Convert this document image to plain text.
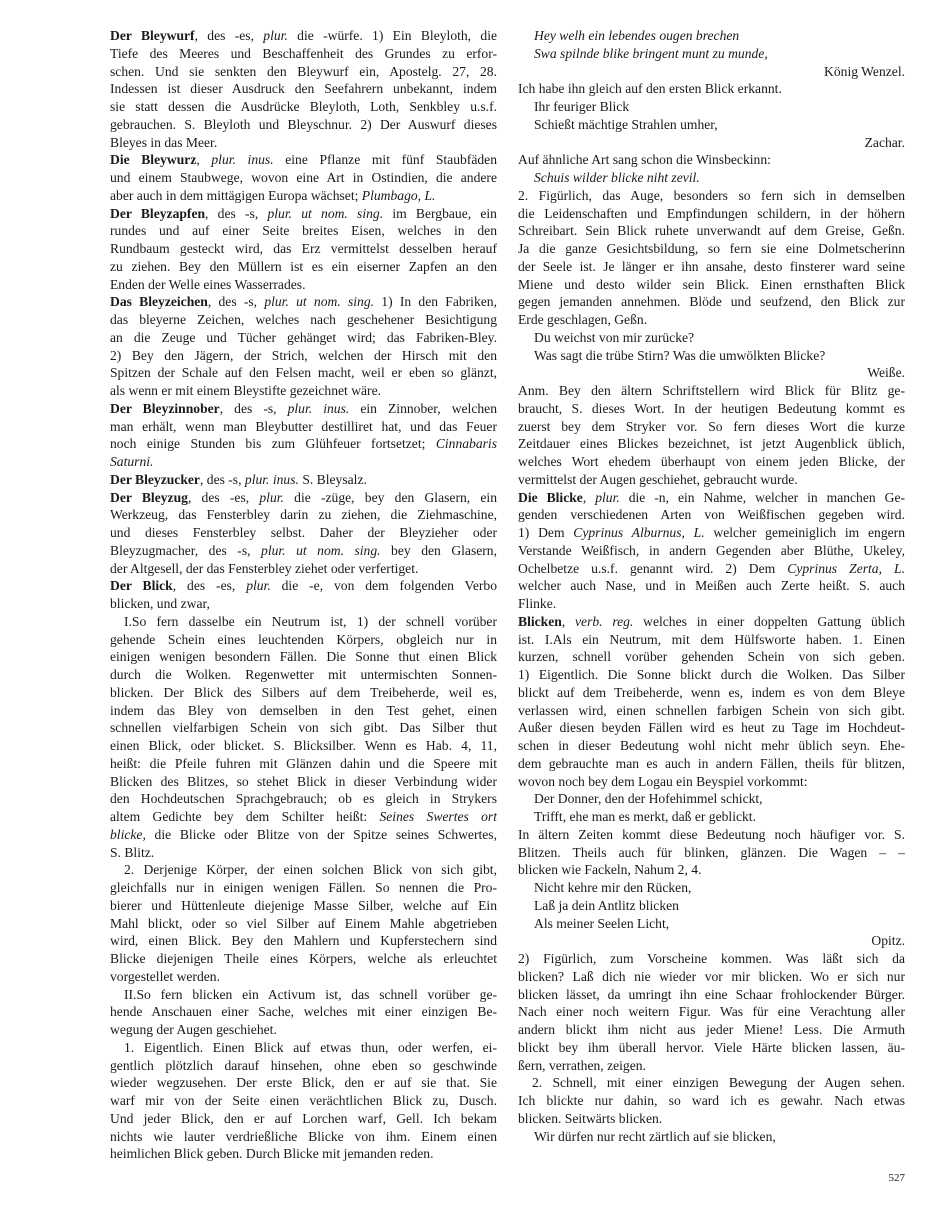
Der Bleywurf, des -es, plur. die -würfe. 1) Ein Bleyloth, die
Tiefe des Meeres und Beschaffenheit des Grundes zu erfor-
schen. Und sie senkten den Bleywurf ein, Apostelg. 27, 28.
Indessen ist dieser Ausdruck den Seefahrern unbekannt, indem
sie statt dessen die Ausdrücke Bleyloth, Loth, Senkbley u.s.f.
gebrauchen. S. Bleyloth und Bleyschnur. 2) Der Auswurf dieses
Bleyes in das Meer.
Die Bleywurz, plur. inus. eine Pflanze mit fünf Staubfäden
und einem Staubwege, wovon eine Art in Ostindien, die andere
aber auch in dem mittägigen Europa wächset; Plumbago, L.
Der Bleyzapfen, des -s, plur. ut nom. sing. im Bergbaue, ein
rundes und auf einer Seite breites Eisen, welches in den
Rundbaum gesteckt wird, das Erz vermittelst desselben herauf
zu ziehen. Bey den Müllern ist es ein eiserner Zapfen an den
Enden der Welle eines Wasserrades.
Das Bleyzeichen, des -s, plur. ut nom. sing. 1) In den Fabriken,
das bleyerne Zeichen, welches nach geschehener Besichtigung
an die Zeuge und Tücher gehänget wird; das Fabriken-Bley.
2) Bey den Jägern, der Strich, welchen der Hirsch mit den
Spitzen der Schale auf den Felsen macht, weil er eben so glänzt,
als wenn er mit einem Bleystifte gezeichnet wäre.
Der Bleyzinnober, des -s, plur. inus. ein Zinnober, welchen
man erhält, wenn man Bleybutter destilliret hat, und das Feuer
noch einige Stunden bis zum Glühfeuer fortsetzet; Cinnabaris
Saturni.
Der Bleyzucker, des -s, plur. inus. S. Bleysalz.
Der Bleyzug, des -es, plur. die -züge, bey den Glasern, ein
Werkzeug, das Fensterbley darin zu ziehen, die Ziehmaschine,
und dieses Fensterbley selbst. Daher der Bleyzieher oder
Bleyzugmacher, des -s, plur. ut nom. sing. bey den Glasern,
der Altgesell, der das Fensterbley ziehet oder verfertiget.
Der Blick, des -es, plur. die -e, von dem folgenden Verbo
blicken, und zwar,
I.So fern dasselbe ein Neutrum ist, 1) der schnell vorüber
gehende Schein eines leuchtenden Körpers, obgleich nur in
einigen wenigen besondern Fällen. Die Sonne thut einen Blick
durch die Wolken. Regenwetter mit untermischten Sonnen-
blicken. Der Blick des Silbers auf dem Treibeherde, weil es,
indem das Bley von demselben in den Test gehet, einen
schnellen vielfarbigen Schein von sich gibt. Das Silber thut
einen Blick, oder blicket. S. Blicksilber. Wenn es Hab. 4, 11,
heißt: die Pfeile fuhren mit Glänzen dahin und die Speere mit
Blicken des Blitzes, so stehet Blick in dieser Verbindung wider
den Hochdeutschen Sprachgebrauch; ob es gleich in Strykers
altem Gedichte bey dem Schilter heißt: Seines Swertes ort
blicke, die Blicke oder Blitze von der Spitze seines Schwertes,
S. Blitz.
2. Derjenige Körper, der einen solchen Blick von sich gibt,
gleichfalls nur in einigen wenigen Fällen. So nennen die Pro-
bierer und Hüttenleute diejenige Masse Silber, welche auf Ein
Mahl blickt, oder so viel Silber auf Einem Mahle abgetrieben
wird, einen Blick. Bey den Mahlern und Kupferstechern sind
Blicke diejenigen Theile eines Körpers, welche als erleuchtet
vorgestellet werden.
II.So fern blicken ein Activum ist, das schnell vorüber ge-
hende Anschauen einer Sache, welches mit einer einzigen Be-
wegung der Augen geschiehet.
1. Eigentlich. Einen Blick auf etwas thun, oder werfen, ei-
gentlich plötzlich darauf hinsehen, ohne eben so geschwinde
wieder wegzusehen. Der erste Blick, den er auf sie that. Sie
warf mir von der Seite einen verächtlichen Blick zu, Dusch.
Und jeder Blick, den er auf Lorchen warf, Gell. Ich bekam
nichts wie lauter verdrießliche Blicke von ihm. Einem einen
heimlichen Blick geben. Durch Blicke mit jemanden reden.
Hey welh ein lebendes ougen brechen
Swa spilnde blike bringent munt zu munde,
König Wenzel.
Ich habe ihn gleich auf den ersten Blick erkannt.
Ihr feuriger Blick
Schießt mächtige Strahlen umher,
Zachar.
Auf ähnliche Art sang schon die Winsbeckinn:
Schuis wilder blicke niht zevil.
2. Figürlich, das Auge, besonders so fern sich in demselben
die Leidenschaften und Empfindungen schildern, in der höhern
Schreibart. Sein Blick ruhete unverwandt auf dem Greise, Geßn.
Ja die ganze Gesichtsbildung, so fern sie eine Dolmetscherinn
der Seele ist. Je länger er ihn ansahe, desto finsterer ward seine
Miene und desto wilder sein Blick. Einen ernsthaften Blick
gegen jemanden annehmen. Blöde und seufzend, den Blick zur
Erde geschlagen, Geßn.
Du weichst von mir zurücke?
Was sagt die trübe Stirn? Was die umwölkten Blicke?
Weiße.
Anm. Bey den ältern Schriftstellern wird Blick für Blitz ge-
braucht, S. dieses Wort. In der heutigen Bedeutung kommt es
zuerst bey dem Stryker vor. So fern dieses Wort die kurze
Zeitdauer eines Blickes bezeichnet, ist jetzt Augenblick üblich,
welches Wort ehedem überhaupt von einem jeden Blicke, der
vermittelst der Augen geschiehet, gebraucht wurde.
Die Blicke, plur. die -n, ein Nahme, welcher in manchen Ge-
genden verschiedenen Arten von Weißfischen gegeben wird.
1) Dem Cyprinus Alburnus, L. welcher gemeiniglich im engern
Verstande Weißfisch, in andern Gegenden aber Blüthe, Ukeley,
Ochelbetze u.s.f. genannt wird. 2) Dem Cyprinus Zerta, L.
welcher auch Nase, und in Meißen auch Zerte heißt. S. auch
Flinke.
Blicken, verb. reg. welches in einer doppelten Gattung üblich
ist. I.Als ein Neutrum, mit dem Hülfsworte haben. 1. Einen
kurzen, schnell vorüber gehenden Schein von sich geben.
1) Eigentlich. Die Sonne blickt durch die Wolken. Das Silber
blickt auf dem Treibeherde, wenn es, indem es von dem Bleye
verlassen wird, einen schnellen farbigen Schein von sich gibt.
Außer diesen beyden Fällen wird es heut zu Tage im Hochdeut-
schen in dieser Bedeutung wohl nicht mehr üblich seyn. Ehe-
dem gebrauchte man es auch in andern Fällen, theils für blitzen,
wovon noch bey dem Logau ein Beyspiel vorkommt:
Der Donner, den der Hofehimmel schickt,
Trifft, ehe man es merkt, daß er geblickt.
In ältern Zeiten kommt diese Bedeutung noch häufiger vor. S.
Blitzen. Theils auch für blinken, glänzen. Die Wagen – –
blicken wie Fackeln, Nahum 2, 4.
Nicht kehre mir den Rücken,
Laß ja dein Antlitz blicken
Als meiner Seelen Licht,
Opitz.
2) Figürlich, zum Vorscheine kommen. Was läßt sich da
blicken? Laß dich nie wieder vor mir blicken. Wo er sich nur
blicken lässet, da umringt ihn eine Schaar frohlockender Bürger.
Nach einer noch weitern Figur. Was für eine Verachtung aller
andern blickt ihm nicht aus jeder Miene! Less. Die Armuth
blickt bey ihm überall hervor. Viele Härte blicken lassen, äu-
ßern, verrathen, zeigen.
2. Schnell, mit einer einzigen Bewegung der Augen sehen.
Ich blickte nur dahin, so ward ich es gewahr. Nach etwas
blicken. Seitwärts blicken.
Wir dürfen nur recht zärtlich auf sie blicken,
527
